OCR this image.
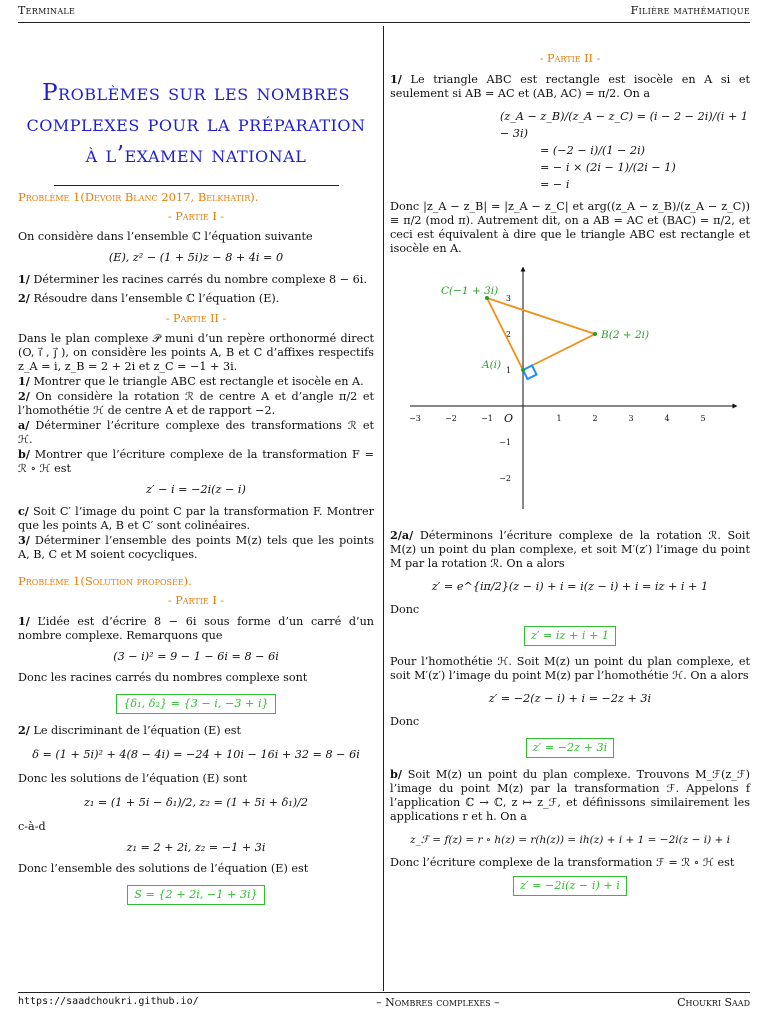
Terminale	Filière mathématique
Problèmes sur les nombres complexes pour la préparation à l’examen national
Problème 1(Devoir Blanc 2017, Belkhatir).
- Partie I -

On considère dans l’ensemble ℂ l’équation suivante

(E), z² − (1 + 5i)z − 8 + 4i = 0

1/ Déterminer les racines carrés du nombre complexe 8 − 6i.

2/ Résoudre dans l’ensemble ℂ l’équation (E).

- Partie II -

Dans le plan complexe 𝒫 muni d’un repère orthonormé direct (O, i⃗ , j⃗ ), on considère les points A, B et C d’affixes respectifs z_A = i, z_B = 2 + 2i et z_C = −1 + 3i.

1/ Montrer que le triangle ABC est rectangle et isocèle en A.

2/ On considère la rotation ℛ de centre A et d’angle π/2 et l’homothétie ℋ de centre A et de rapport −2.

a/ Déterminer l’écriture complexe des transformations ℛ et ℋ.

b/ Montrer que l’écriture complexe de la transformation F = ℛ ∘ ℋ est

z′ − i = −2i(z − i)

c/ Soit C′ l’image du point C par la transformation F. Montrer que les points A, B et C′ sont colinéaires.

3/ Déterminer l’ensemble des points M(z) tels que les points A, B, C et M soient cocycliques.

Problème 1(Solution proposée).
- Partie I -

1/ L’idée est d’écrire 8 − 6i sous forme d’un carré d’un nombre complexe. Remarquons que

(3 − i)² = 9 − 1 − 6i = 8 − 6i

Donc les racines carrés du nombres complexe sont

{δ₁, δ₂} = {3 − i, −3 + i}

2/ Le discriminant de l’équation (E) est

δ = (1 + 5i)² + 4(8 − 4i) = −24 + 10i − 16i + 32 = 8 − 6i

Donc les solutions de l’équation (E) sont

z₁ = (1 + 5i − δ₁)/2, z₂ = (1 + 5i + δ₁)/2

c-à-d

z₁ = 2 + 2i, z₂ = −1 + 3i

Donc l’ensemble des solutions de l’équation (E) est

S = {2 + 2i, −1 + 3i}
- Partie II -

1/ Le triangle ABC est rectangle est isocèle en A si et seulement si AB = AC et (AB, AC) = π/2. On a

(z_A − z_B)/(z_A − z_C) = (i − 2 − 2i)/(i + 1 − 3i)
= (−2 − i)/(1 − 2i)
= − i × (2i − 1)/(2i − 1)
= − i

Donc |z_A − z_B| = |z_A − z_C| et arg((z_A − z_B)/(z_A − z_C)) ≡ π/2 (mod π). Autrement dit, on a AB = AC et (BAC) = π/2, et ceci est équivalent à dire que le triangle ABC est rectangle et isocèle en A.

−3	−2	−1	1	2	3	4	5
3
2
1
−1
−2
O
A(i)
B(2 + 2i)
C(−1 + 3i)

2/a/ Déterminons l’écriture complexe de la rotation ℛ. Soit M(z) un point du plan complexe, et soit M′(z′) l’image du point M par la rotation ℛ. On a alors

z′ = e^{iπ/2}(z − i) + i = i(z − i) + i = iz + i + 1

Donc

z′ = iz + i + 1

Pour l’homothétie ℋ. Soit M(z) un point du plan complexe, et soit M′(z′) l’image du point M(z) par l’homothétie ℋ. On a alors

z′ = −2(z − i) + i = −2z + 3i

Donc

z′ = −2z + 3i

b/ Soit M(z) un point du plan complexe. Trouvons M_ℱ(z_ℱ) l’image du point M(z) par la transformation ℱ. Appelons f l’application ℂ → ℂ, z ↦ z_ℱ, et définissons similairement les applications r et h. On a

z_ℱ = f(z) = r ∘ h(z) = r(h(z)) = ih(z) + i + 1 = −2i(z − i) + i

Donc l’écriture complexe de la transformation ℱ = ℛ ∘ ℋ est

z′ = −2i(z − i) + i
https://saadchoukri.github.io/	– Nombres complexes –	Choukri Saad
